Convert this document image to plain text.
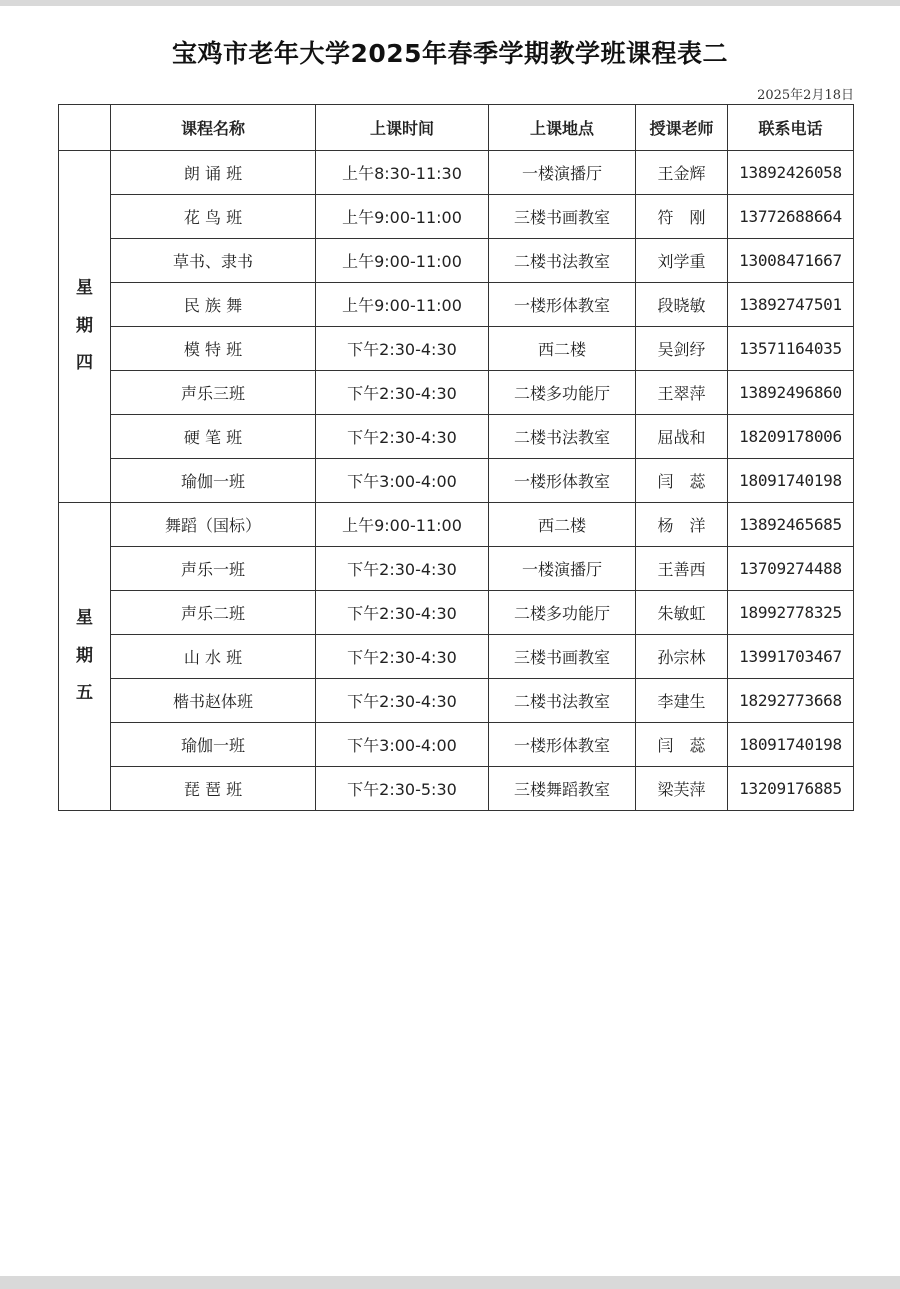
宝鸡市老年大学2025年春季学期教学班课程表二
2025年2月18日
	课程名称	上课时间	上课地点	授课老师	联系电话

星
期
四	朗 诵 班	上午8:30-11:30	一楼演播厅	王金辉	13892426058
	花 鸟 班	上午9:00-11:00	三楼书画教室	符　刚	13772688664
	草书、隶书	上午9:00-11:00	二楼书法教室	刘学重	13008471667
	民 族 舞	上午9:00-11:00	一楼形体教室	段晓敏	13892747501
	模 特 班	下午2:30-4:30	西二楼	吴剑纾	13571164035
	声乐三班	下午2:30-4:30	二楼多功能厅	王翠萍	13892496860
	硬 笔 班	下午2:30-4:30	二楼书法教室	屈战和	18209178006
	瑜伽一班	下午3:00-4:00	一楼形体教室	闫　蕊	18091740198

星
期
五	舞蹈（国标）	上午9:00-11:00	西二楼	杨　洋	13892465685
	声乐一班	下午2:30-4:30	一楼演播厅	王善西	13709274488
	声乐二班	下午2:30-4:30	二楼多功能厅	朱敏虹	18992778325
	山 水 班	下午2:30-4:30	三楼书画教室	孙宗林	13991703467
	楷书赵体班	下午2:30-4:30	二楼书法教室	李建生	18292773668
	瑜伽一班	下午3:00-4:00	一楼形体教室	闫　蕊	18091740198
	琵 琶 班	下午2:30-5:30	三楼舞蹈教室	梁芙萍	13209176885
